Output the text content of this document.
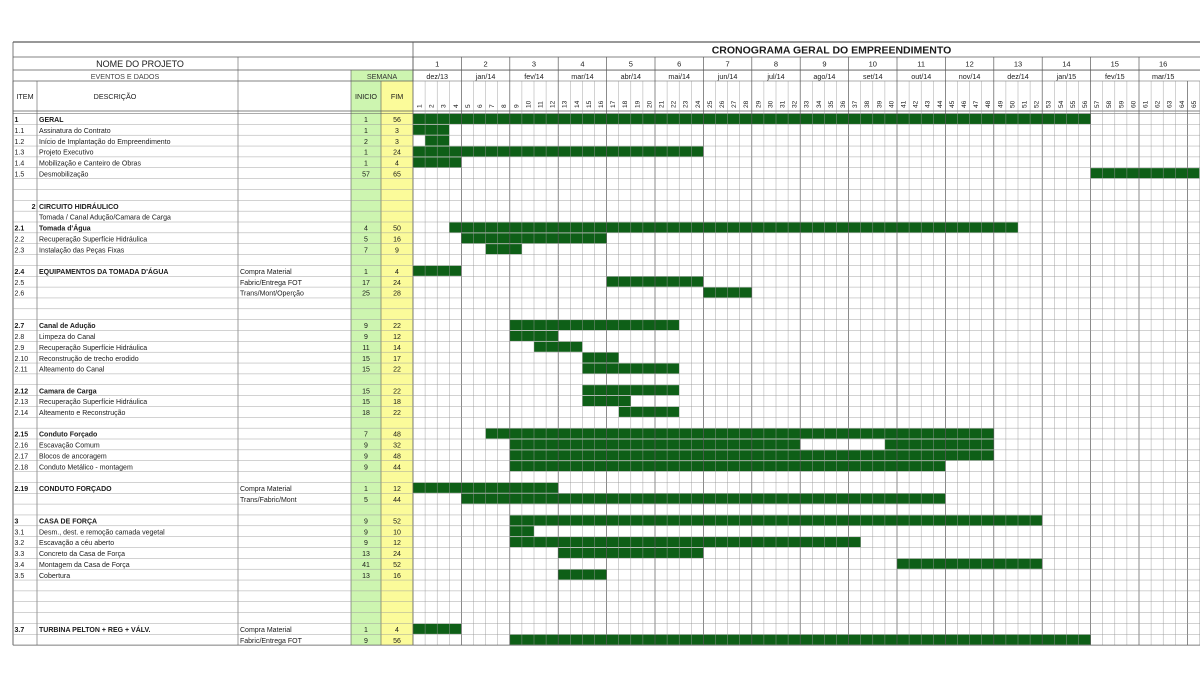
CRONOGRAMA GERAL DO EMPREENDIMENTO
NOME DO PROJETO
EVENTOS E DADOS	SEMANA
ITEM	DESCRIÇÃO	INICIO FIM
1
dez/13
2
jan/14
3
fev/14
4
mar/14
5
abr/14
6
mai/14
7
jun/14
8
jul/14
9
ago/14
10
set/14
11
out/14
12
nov/14
13
dez/14
14
jan/15
15
fev/15
16
mar/15
1 2 3 4 5 6 7 8 9 10 11 12 13 14 15 16 17 18 19 20 21 22 23 24 25 26 27 28 29 30 31 32 33 34 35 36 37 38 39 40 41 42 43 44 45 46 47 48 49 50 51 52 53 54 55 56 57 58 59 60 61 62 63 64 65
1	GERAL	1	56
1.1 Assinatura do Contrato	1	3
1.2 Início de Implantação do Empreendimento	2	3
1.3 Projeto Executivo	1	24
1.4 Mobilização e Canteiro de Obras	1	4
1.5 Desmobilização	57	65
2 CIRCUITO HIDRÁULICO
Tomada / Canal Adução/Camara de Carga
2.1 Tomada d'Água	4	50
2.2 Recuperação Superfície Hidráulica	5	16
2.3 Instalação das Peças Fixas	7	9
2.4 EQUIPAMENTOS DA TOMADA D'ÁGUA	Compra Material	1	4
2.5	Fabric/Entrega FOT	17	24
2.6	Trans/Mont/Operção	25	28
2.7 Canal de Adução	9	22
2.8 Limpeza do Canal	9	12
2.9 Recuperação Superfície Hidráulica	11	14
2.10 Reconstrução de trecho erodido	15	17
2.11 Alteamento do Canal	15	22
2.12 Camara de Carga	15	22
2.13 Recuperação Superfície Hidráulica	15	18
2.14 Alteamento e Reconstrução	18	22
2.15 Conduto Forçado	7	48
2.16 Escavação Comum	9	32
2.17 Blocos de ancoragem	9	48
2.18 Conduto Metálico - montagem	9	44
2.19 CONDUTO FORÇADO	Compra Material	1	12
Trans/Fabric/Mont	5	44
3	CASA DE FORÇA	9	52
3.1 Desm., dest. e remoção camada vegetal	9	10
3.2 Escavação a céu aberto	9	12
3.3 Concreto da Casa de Força	13	24
3.4 Montagem da Casa de Força	41	52
3.5 Cobertura	13	16
3.7 TURBINA PELTON + REG + VÁLV.	Compra Material	1	4
Fabric/Entrega FOT	9	56
